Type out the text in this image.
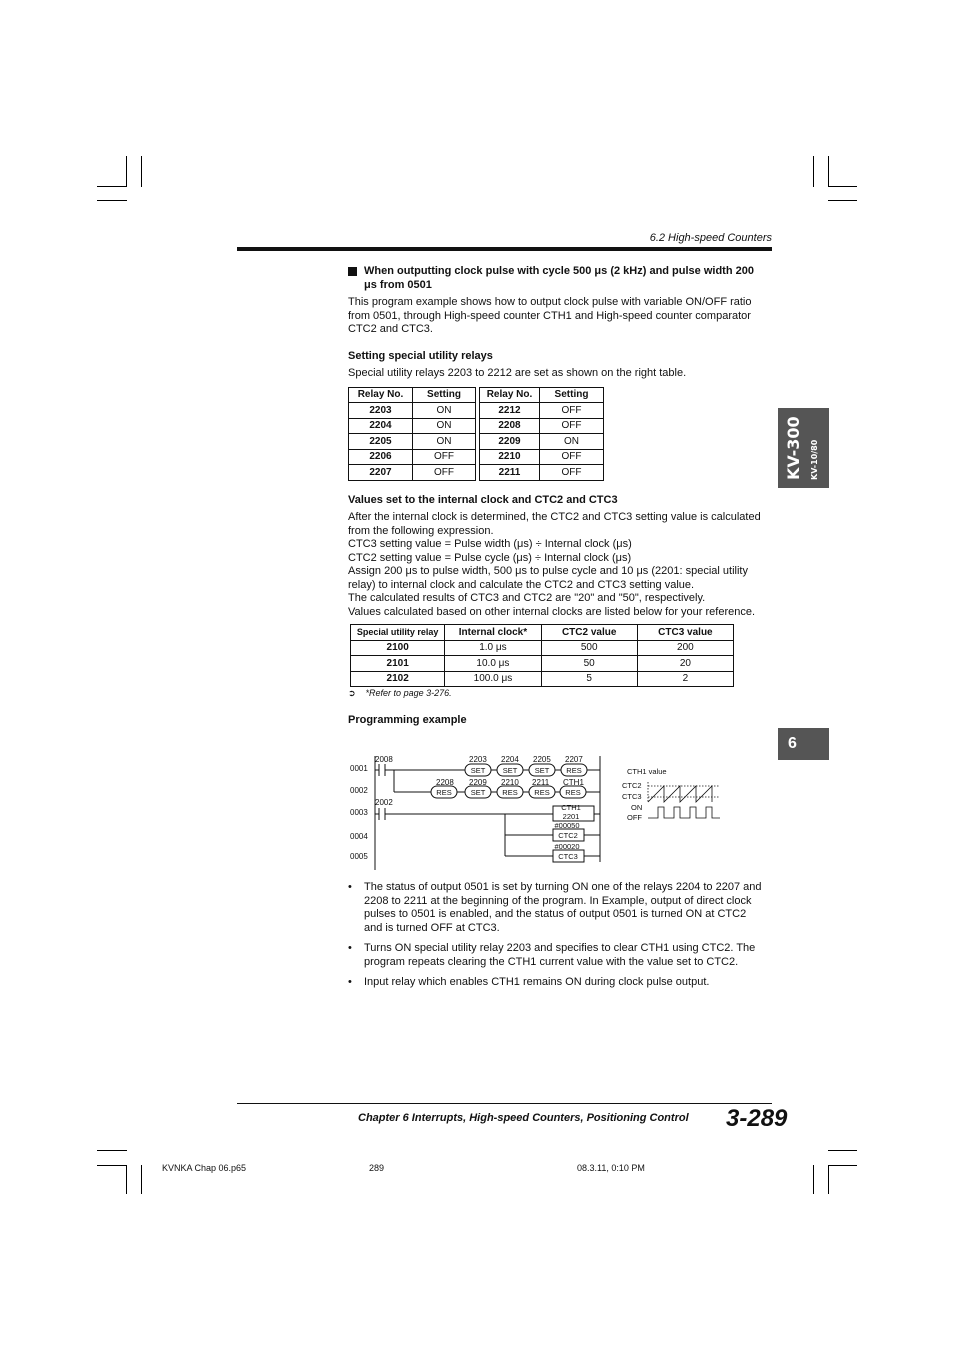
6.2 High-speed Counters
KV-300 KV-10/80
6

When outputting clock pulse with cycle 500 μs (2 kHz) and pulse width 200 μs from 0501

This program example shows how to output clock pulse with variable ON/OFF ratio from 0501, through High-speed counter CTH1 and High-speed counter comparator CTC2 and CTC3.

Setting special utility relays

Special utility relays 2203 to 2212 are set as shown on the right table.

Relay No.	Setting		Relay No.	Setting
2203	ON		2212	OFF
2204	ON		2208	OFF
2205	ON		2209	ON
2206	OFF		2210	OFF
2207	OFF		2211	OFF

Values set to the internal clock and CTC2 and CTC3

After the internal clock is determined, the CTC2 and CTC3 setting value is calculated from the following expression.

CTC3 setting value = Pulse width (μs) ÷ Internal clock (μs)

CTC2 setting value = Pulse cycle (μs) ÷ Internal clock (μs)

Assign 200 μs to pulse width, 500 μs to pulse cycle and 10 μs (2201: special utility relay) to internal clock and calculate the CTC2 and CTC3 setting value.

The calculated results of CTC3 and CTC2 are "20" and "50", respectively.

Values calculated based on other internal clocks are listed below for your reference.

Special utility relay	Internal clock*	CTC2 value	CTC3 value
2100	1.0 μs	500	200
2101	10.0 μs	50	20
2102	100.0 μs	5	2

➲ *Refer to page 3-276.

Programming example

0001
0002
0003
0004
0005
2008
2002
2203 2204 2205 2207
2208 2209 2210 2211 CTH1
SET SET SET RES
RES	SET RES RES RES
CTH1
2201
#00050
CTC2
#00020
CTC3
CTH1 value
CTC2
CTC3
ON
OFF
• The status of output 0501 is set by turning ON one of the relays 2204 to 2207 and 2208 to 2211 at the beginning of the program. In Example, output of direct clock pulses to 0501 is enabled, and the status of output 0501 is turned ON at CTC2 and is turned OFF at CTC3.
• Turns ON special utility relay 2203 and specifies to clear CTH1 using CTC2. The program repeats clearing the CTH1 current value with the value set to CTC2.
• Input relay which enables CTH1 remains ON during clock pulse output.
Chapter 6 Interrupts, High-speed Counters, Positioning Control 3-289
KVNKA Chap 06.p65	289	08.3.11, 0:10 PM
